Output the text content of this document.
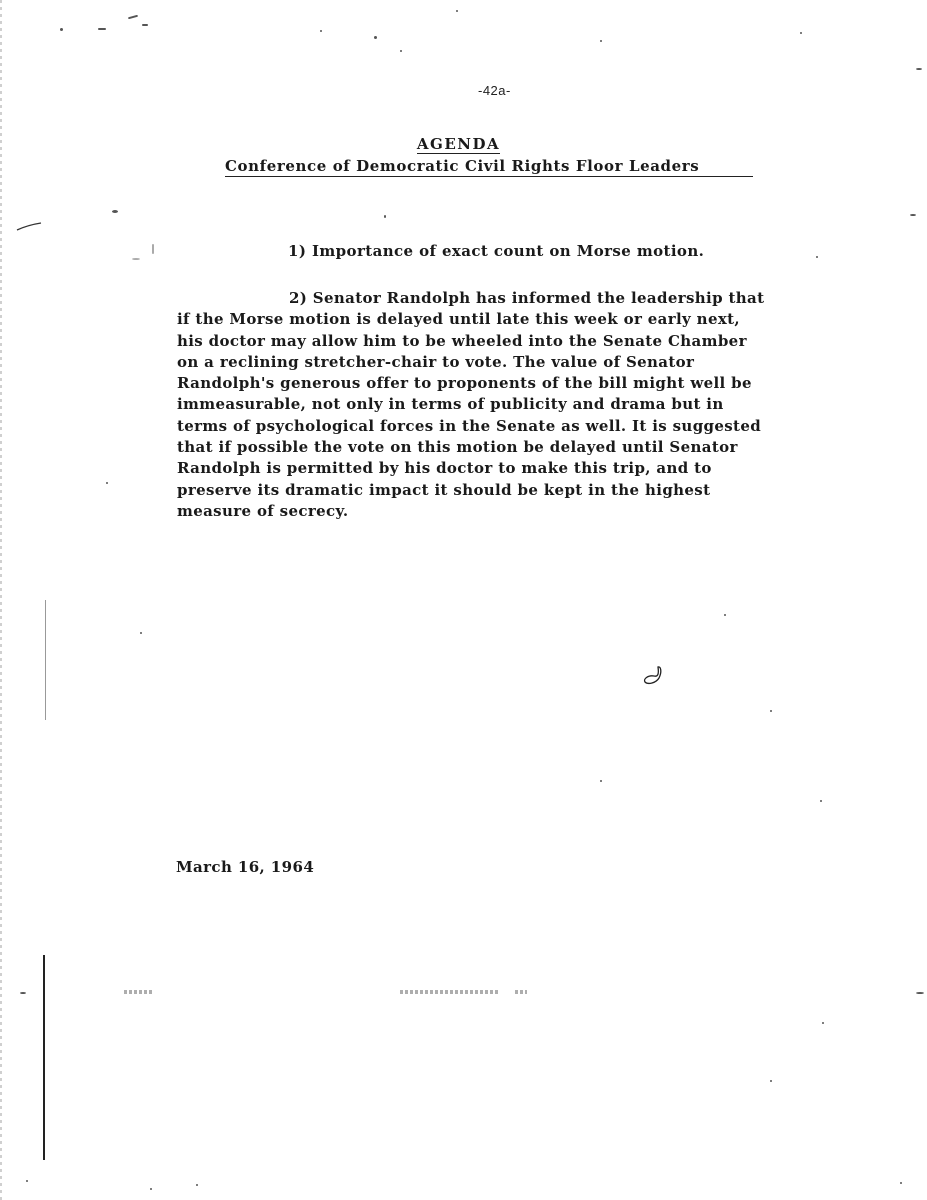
-42a-
AGENDA
Conference of Democratic Civil Rights Floor Leaders
1) Importance of exact count on Morse motion.
2) Senator Randolph has informed the leadership that
if the Morse motion is delayed until late this week or early next,
his doctor may allow him to be wheeled into the Senate Chamber
on a reclining stretcher-chair to vote. The value of Senator
Randolph's generous offer to proponents of the bill might well be
immeasurable, not only in terms of publicity and drama but in
terms of psychological forces in the Senate as well. It is suggested
that if possible the vote on this motion be delayed until Senator
Randolph is permitted by his doctor to make this trip, and to
preserve its dramatic impact it should be kept in the highest
measure of secrecy.
March 16, 1964
